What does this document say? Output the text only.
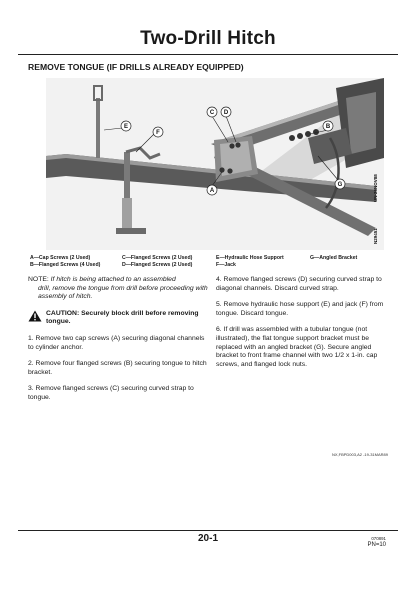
Two-Drill Hitch
REMOVE TONGUE (IF DRILLS ALREADY EQUIPPED)
E
F
C D
B
G
A
N29451
UN-26NOV88
A—Cap Screws (2 Used)
B—Flanged Screws (4 Used)
C—Flanged Screws (2 Used)
D—Flanged Screws (2 Used)
E—Hydraulic Hose Support
F—Jack
G—Angled Bracket
NOTE: If hitch is being attached to an assembled
drill, remove the tongue from drill before proceeding with assembly of hitch.
CAUTION: Securely block drill before removing tongue.
1. Remove two cap screws (A) securing diagonal channels to cylinder anchor.
2. Remove four flanged screws (B) securing tongue to hitch bracket.
3. Remove flanged screws (C) securing curved strap to tongue.
4. Remove flanged screws (D) securing curved strap to diagonal channels. Discard curved strap.
5. Remove hydraulic hose support (E) and jack (F) from tongue. Discard tongue.
6. If drill was assembled with a tubular tongue (not illustrated), the flat tongue support bracket must be replaced with an angled bracket (G). Secure angled bracket to front frame channel with two 1/2 x 1-in. cap screws, and flanged lock nuts.
NX,FBPD003,A2 -19-31MAR89
20-1	070891
PN=10
